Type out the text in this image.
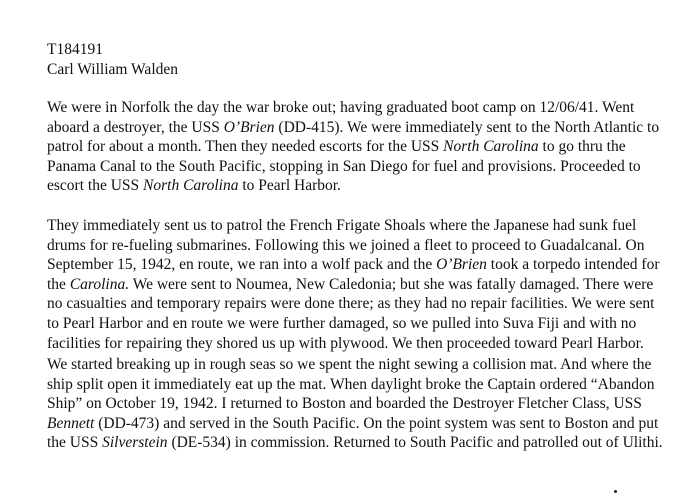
T184191
Carl William Walden
We were in Norfolk the day the war broke out; having graduated boot camp on 12/06/41. Went
aboard a destroyer, the USS O’Brien (DD-415). We were immediately sent to the North Atlantic to
patrol for about a month. Then they needed escorts for the USS North Carolina to go thru the
Panama Canal to the South Pacific, stopping in San Diego for fuel and provisions. Proceeded to
escort the USS North Carolina to Pearl Harbor.
They immediately sent us to patrol the French Frigate Shoals where the Japanese had sunk fuel
drums for re-fueling submarines. Following this we joined a fleet to proceed to Guadalcanal. On
September 15, 1942, en route, we ran into a wolf pack and the O’Brien took a torpedo intended for
the Carolina. We were sent to Noumea, New Caledonia; but she was fatally damaged. There were
no casualties and temporary repairs were done there; as they had no repair facilities. We were sent
to Pearl Harbor and en route we were further damaged, so we pulled into Suva Fiji and with no
facilities for repairing they shored us up with plywood. We then proceeded toward Pearl Harbor.
We started breaking up in rough seas so we spent the night sewing a collision mat. And where the
ship split open it immediately eat up the mat. When daylight broke the Captain ordered “Abandon
Ship” on October 19, 1942. I returned to Boston and boarded the Destroyer Fletcher Class, USS
Bennett (DD-473) and served in the South Pacific. On the point system was sent to Boston and put
the USS Silverstein (DE-534) in commission. Returned to South Pacific and patrolled out of Ulithi.
